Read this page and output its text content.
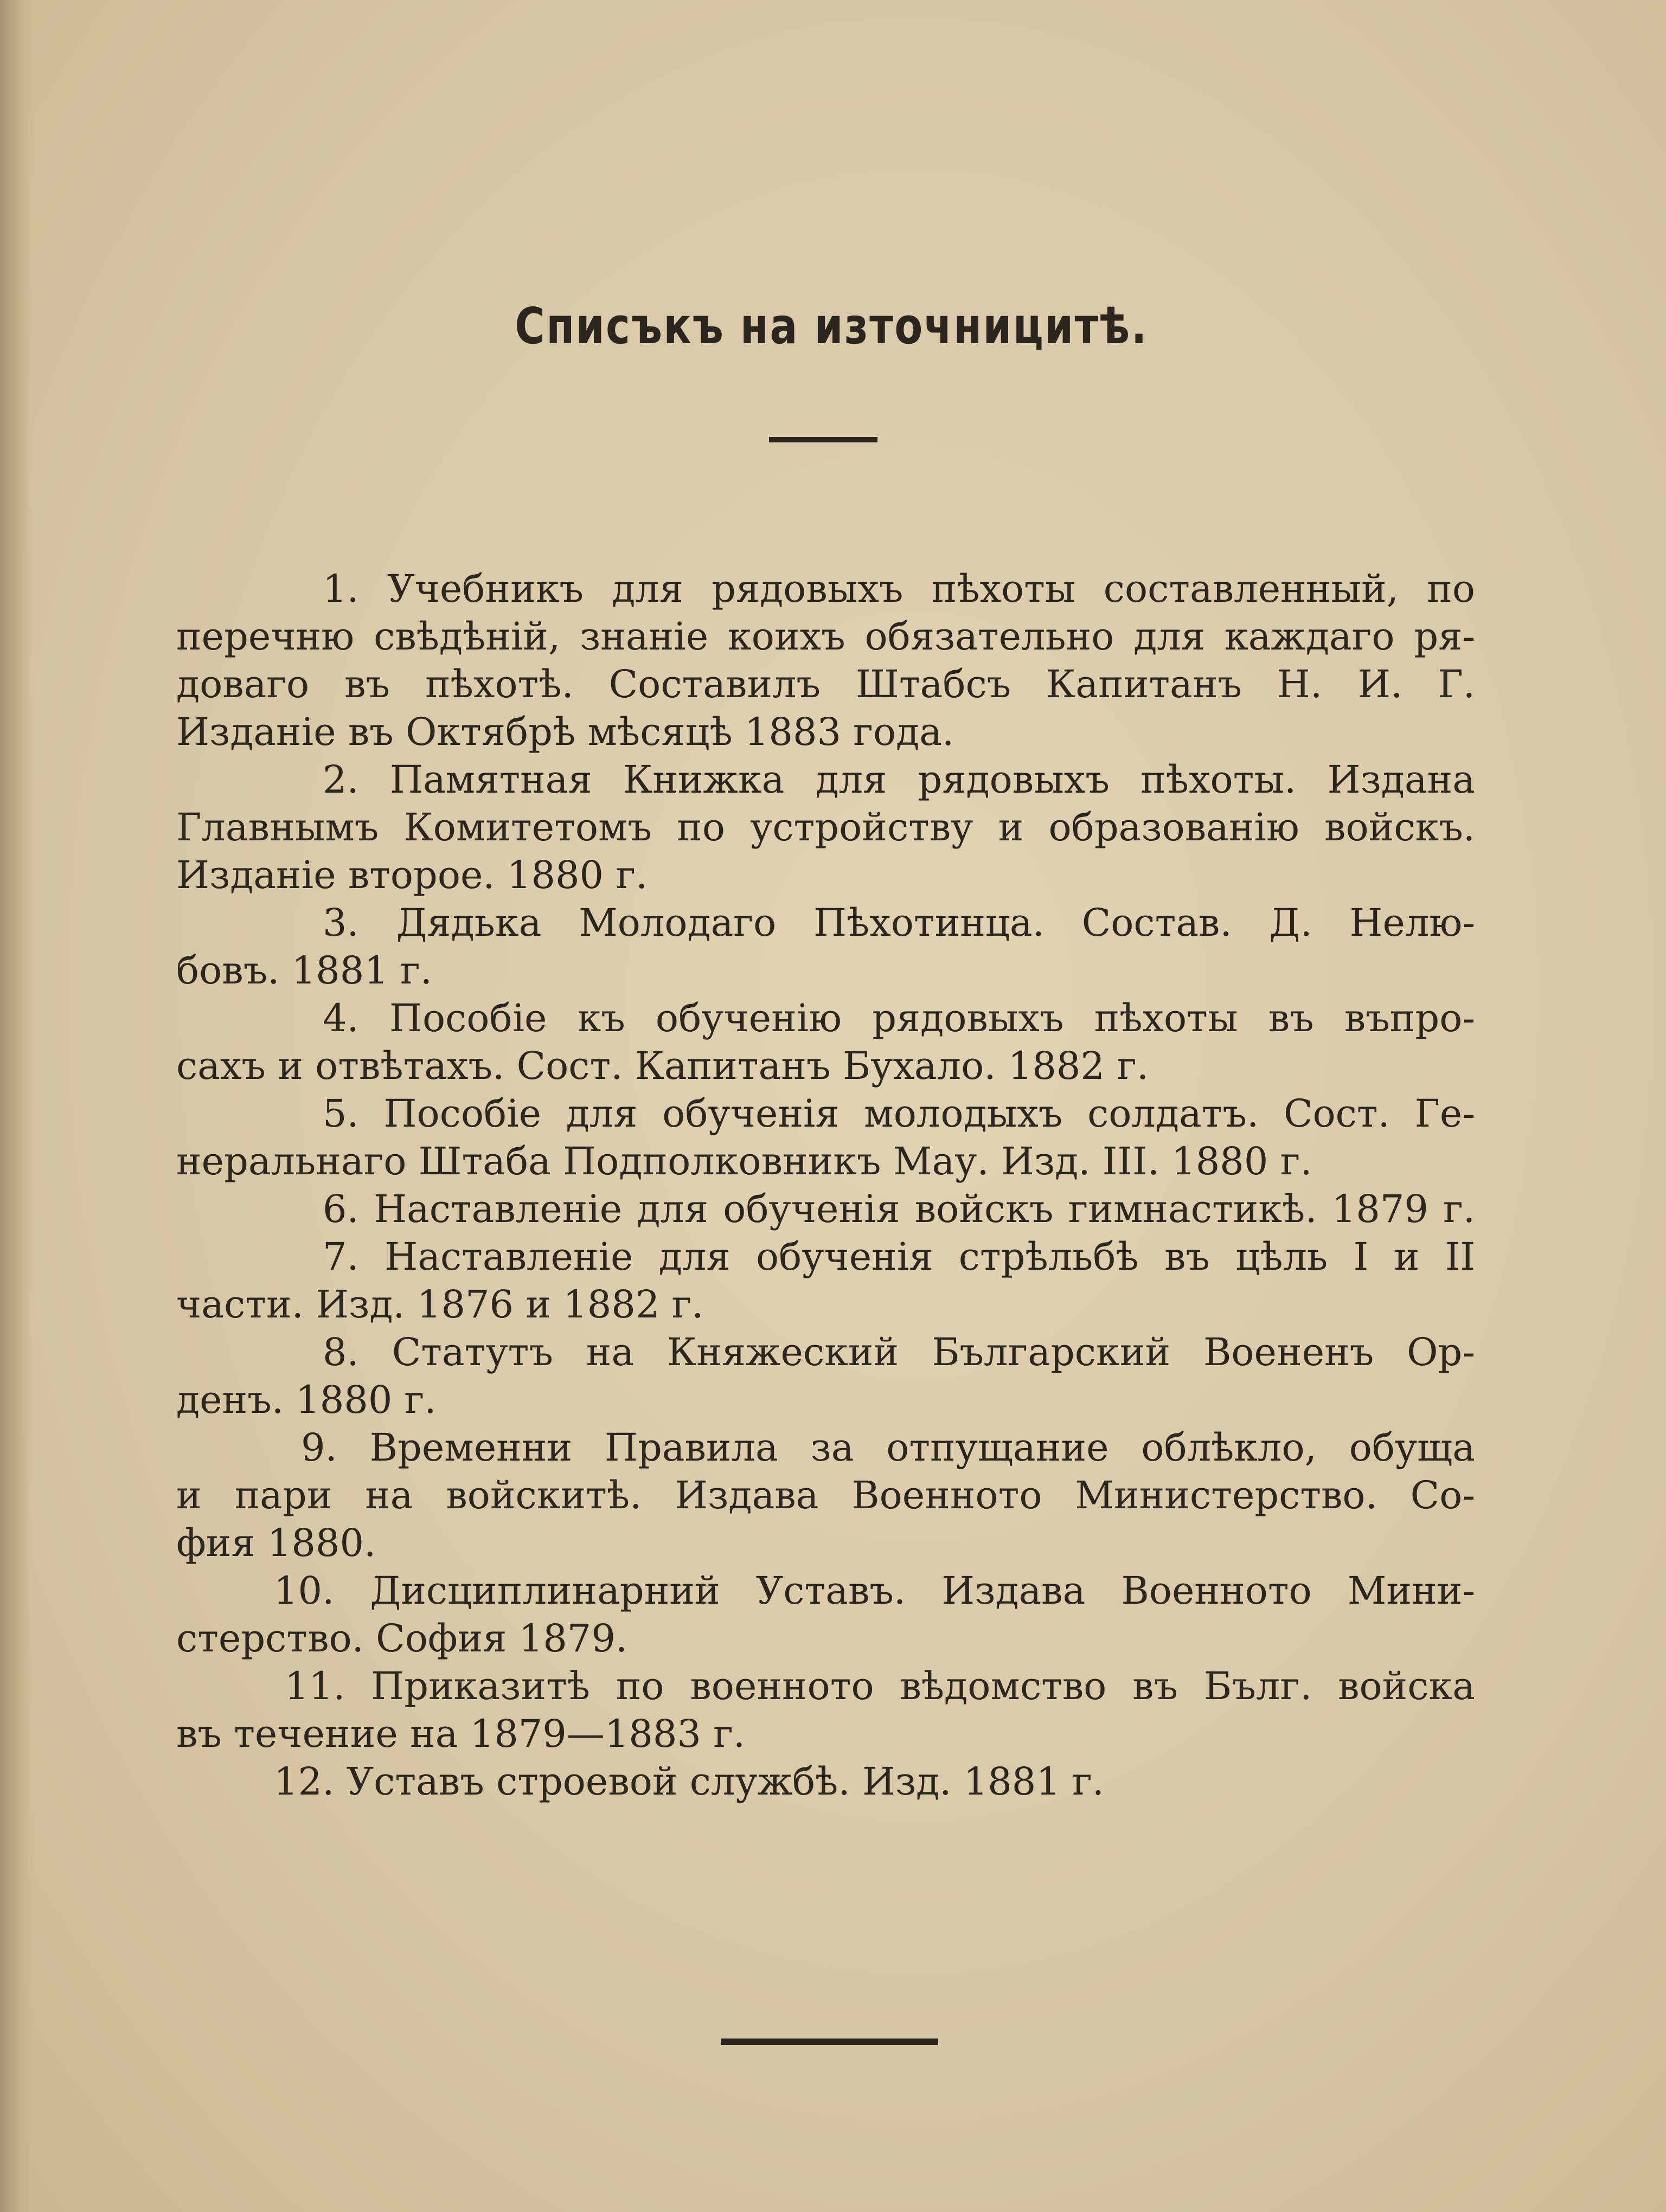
Списъкъ на източницитѣ.
1. Учебникъ для рядовыхъ пѣхоты составленный, по
перечню свѣдѣній, знаніе коихъ обязательно для каждаго ря-
доваго въ пѣхотѣ. Составилъ Штабсъ Капитанъ Н. И. Г.
Изданіе въ Октябрѣ мѣсяцѣ 1883 года.
2. Памятная Книжка для рядовыхъ пѣхоты. Издана
Главнымъ Комитетомъ по устройству и образованію войскъ.
Изданіе второе. 1880 г.
3. Дядька Молодаго Пѣхотинца. Состав. Д. Нелю-
бовъ. 1881 г.
4. Пособіе къ обученію рядовыхъ пѣхоты въ въпро-
сахъ и отвѣтахъ. Сост. Капитанъ Бухало. 1882 г.
5. Пособіе для обученія молодыхъ солдатъ. Сост. Ге-
неральнаго Штаба Подполковникъ Мау. Изд. III. 1880 г.
6. Наставленіе для обученія войскъ гимнастикѣ. 1879 г.
7. Наставленіе для обученія стрѣльбѣ въ цѣль I и II
части. Изд. 1876 и 1882 г.
8. Статутъ на Княжеский Българский Воененъ Ор-
денъ. 1880 г.
9. Временни Правила за отпущание облѣкло, обуща
и пари на войскитѣ. Издава Военното Министерство. Со-
фия 1880.
10. Дисциплинарний Уставъ. Издава Военното Мини-
стерство. София 1879.
11. Приказитѣ по военното вѣдомство въ Бълг. войска
въ течение на 1879—1883 г.
12. Уставъ строевой службѣ. Изд. 1881 г.
